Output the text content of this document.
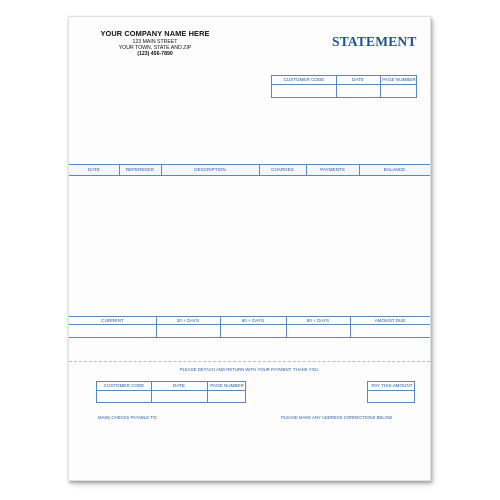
YOUR COMPANY NAME HERE
123 MAIN STREET
YOUR TOWN, STATE AND ZIP
(123) 456-7890
STATEMENT
CUSTOMER CODE	DATE	PAGE NUMBER
DATE	REFERENCE	DESCRIPTION	CHARGES	PAYMENTS	BALANCE
CURRENT	30 + DAYS	60 + DAYS	90 + DAYS	AMOUNT DUE
PLEASE DETACH AND RETURN WITH YOUR PAYMENT. THANK YOU.
CUSTOMER CODE	DATE	PAGE NUMBER	PAY THIS AMOUNT
MAKE CHECKS PAYABLE TO:	PLEASE MAKE ANY ADDRESS CORRECTIONS BELOW
